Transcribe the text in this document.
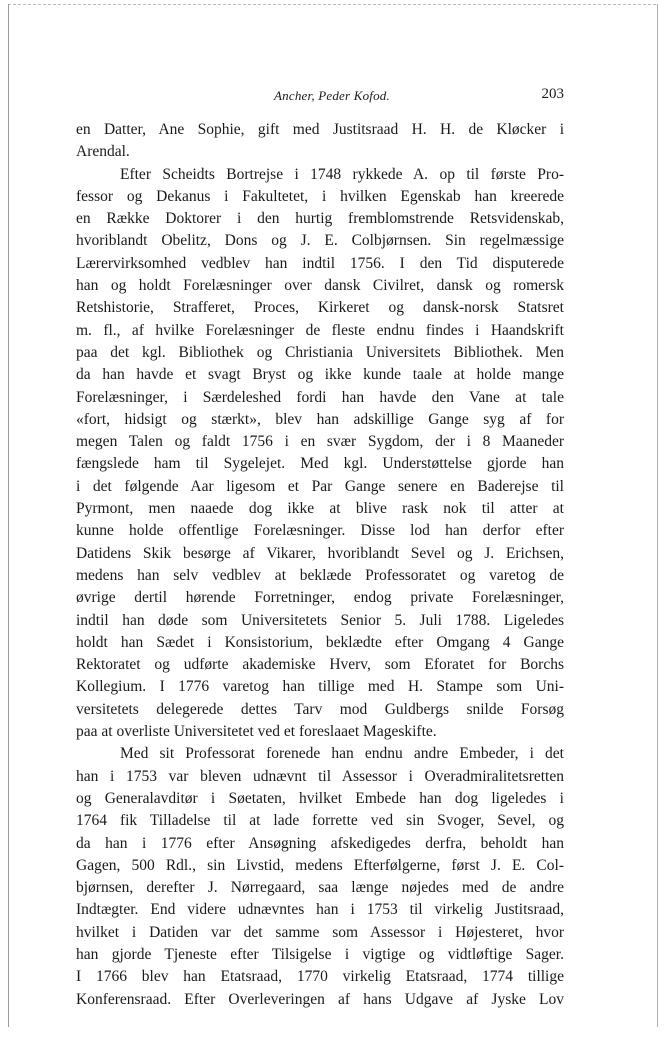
Ancher, Peder Kofod.	203
en Datter, Ane Sophie, gift med Justitsraad H. H. de Kløcker i
Arendal.
Efter Scheidts Bortrejse i 1748 rykkede A. op til første Pro-
fessor og Dekanus i Fakultetet, i hvilken Egenskab han kreerede
en Række Doktorer i den hurtig fremblomstrende Retsvidenskab,
hvoriblandt Obelitz, Dons og J. E. Colbjørnsen. Sin regelmæssige
Lærervirksomhed vedblev han indtil 1756. I den Tid disputerede
han og holdt Forelæsninger over dansk Civilret, dansk og romersk
Retshistorie, Strafferet, Proces, Kirkeret og dansk-norsk Statsret
m. fl., af hvilke Forelæsninger de fleste endnu findes i Haandskrift
paa det kgl. Bibliothek og Christiania Universitets Bibliothek. Men
da han havde et svagt Bryst og ikke kunde taale at holde mange
Forelæsninger, i Særdeleshed fordi han havde den Vane at tale
«fort, hidsigt og stærkt», blev han adskillige Gange syg af for
megen Talen og faldt 1756 i en svær Sygdom, der i 8 Maaneder
fængslede ham til Sygelejet. Med kgl. Understøttelse gjorde han
i det følgende Aar ligesom et Par Gange senere en Baderejse til
Pyrmont, men naaede dog ikke at blive rask nok til atter at
kunne holde offentlige Forelæsninger. Disse lod han derfor efter
Datidens Skik besørge af Vikarer, hvoriblandt Sevel og J. Erichsen,
medens han selv vedblev at beklæde Professoratet og varetog de
øvrige dertil hørende Forretninger, endog private Forelæsninger,
indtil han døde som Universitetets Senior 5. Juli 1788. Ligeledes
holdt han Sædet i Konsistorium, beklædte efter Omgang 4 Gange
Rektoratet og udførte akademiske Hverv, som Eforatet for Borchs
Kollegium. I 1776 varetog han tillige med H. Stampe som Uni-
versitetets delegerede dettes Tarv mod Guldbergs snilde Forsøg
paa at overliste Universitetet ved et foreslaaet Mageskifte.
Med sit Professorat forenede han endnu andre Embeder, i det
han i 1753 var bleven udnævnt til Assessor i Overadmiralitetsretten
og Generalavditør i Søetaten, hvilket Embede han dog ligeledes i
1764 fik Tilladelse til at lade forrette ved sin Svoger, Sevel, og
da han i 1776 efter Ansøgning afskedigedes derfra, beholdt han
Gagen, 500 Rdl., sin Livstid, medens Efterfølgerne, først J. E. Col-
bjørnsen, derefter J. Nørregaard, saa længe nøjedes med de andre
Indtægter. End videre udnævntes han i 1753 til virkelig Justitsraad,
hvilket i Datiden var det samme som Assessor i Højesteret, hvor
han gjorde Tjeneste efter Tilsigelse i vigtige og vidtløftige Sager.
I 1766 blev han Etatsraad, 1770 virkelig Etatsraad, 1774 tillige
Konferensraad. Efter Overleveringen af hans Udgave af Jyske Lov
